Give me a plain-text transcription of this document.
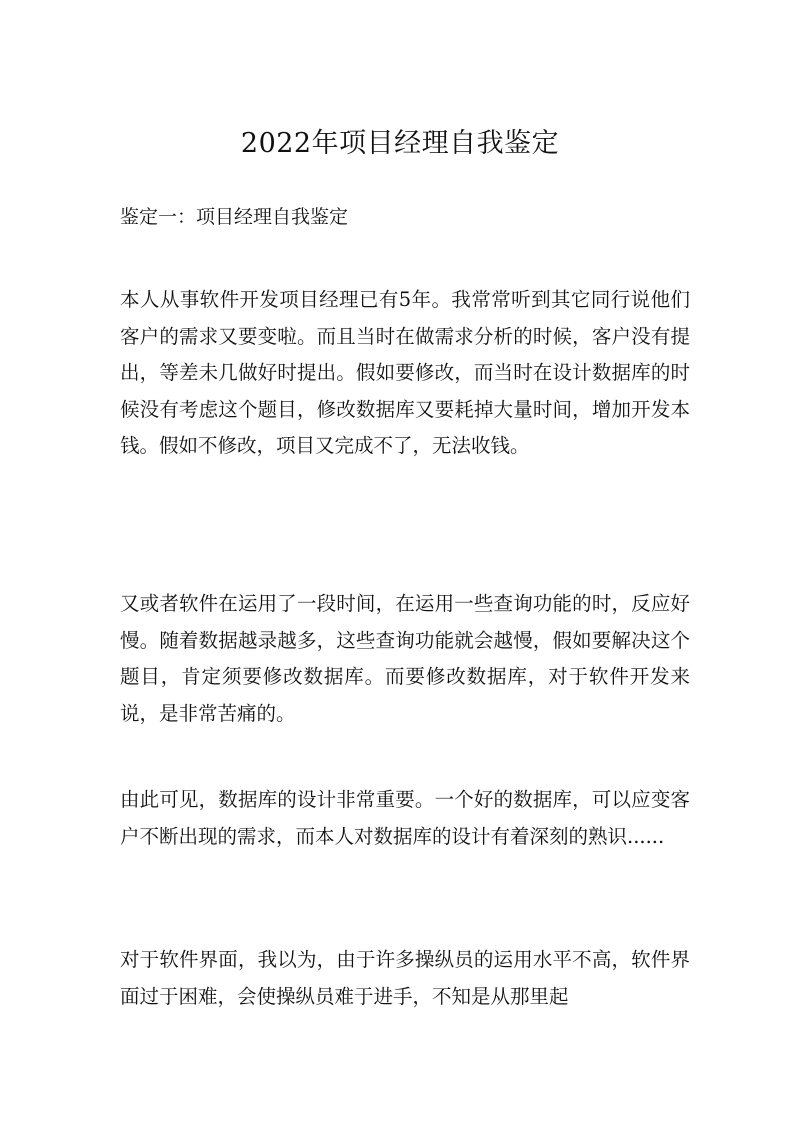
2022年项目经理自我鉴定
鉴定一：项目经理自我鉴定
本人从事软件开发项目经理已有5年。我常常听到其它同行说他们客户的需求又要变啦。而且当时在做需求分析的时候，客户没有提出，等差未几做好时提出。假如要修改，而当时在设计数据库的时候没有考虑这个题目，修改数据库又要耗掉大量时间，增加开发本钱。假如不修改，项目又完成不了，无法收钱。
又或者软件在运用了一段时间，在运用一些查询功能的时，反应好慢。随着数据越录越多，这些查询功能就会越慢，假如要解决这个题目，肯定须要修改数据库。而要修改数据库，对于软件开发来说，是非常苦痛的。
由此可见，数据库的设计非常重要。一个好的数据库，可以应变客户不断出现的需求，而本人对数据库的设计有着深刻的熟识......
对于软件界面，我以为，由于许多操纵员的运用水平不高，软件界面过于困难，会使操纵员难于进手，不知是从那里起
